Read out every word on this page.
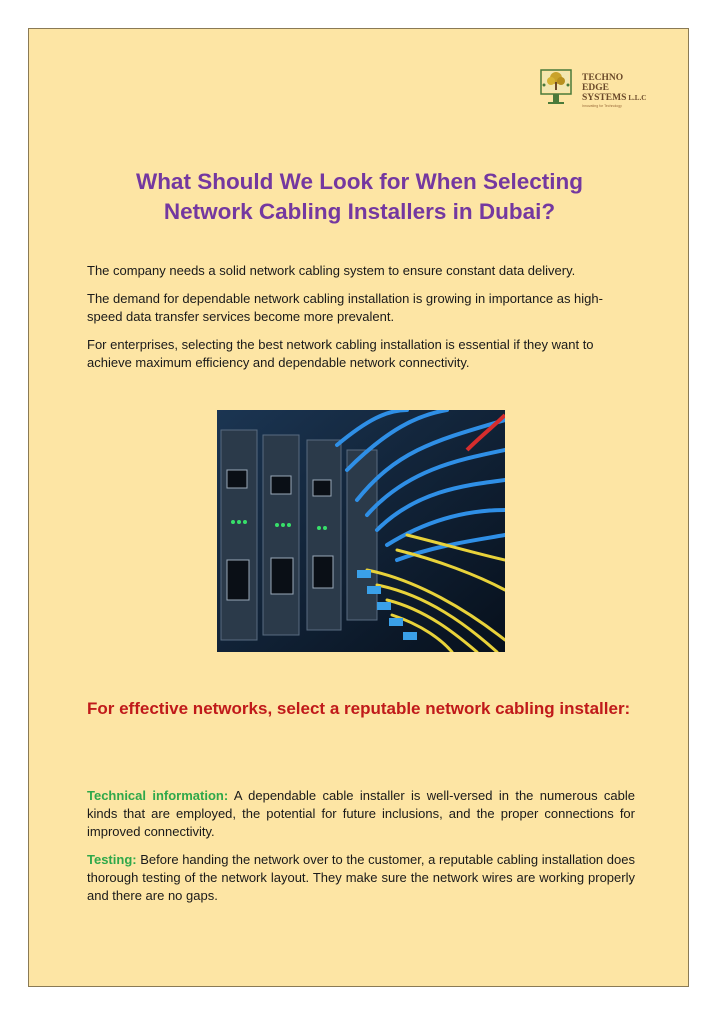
TECHNO
EDGE
SYSTEMS L.L.C
Innovating for Technology
What Should We Look for When Selecting
Network Cabling Installers in Dubai?

The company needs a solid network cabling system to ensure constant data delivery.

The demand for dependable network cabling installation is growing in importance as high-speed data transfer services become more prevalent.

For enterprises, selecting the best network cabling installation is essential if they want to achieve maximum efficiency and dependable network connectivity.

For effective networks, select a reputable network cabling installer:

Technical information: A dependable cable installer is well-versed in the numerous cable kinds that are employed, the potential for future inclusions, and the proper connections for improved connectivity.

Testing: Before handing the network over to the customer, a reputable cabling installation does thorough testing of the network layout. They make sure the network wires are working properly and there are no gaps.
